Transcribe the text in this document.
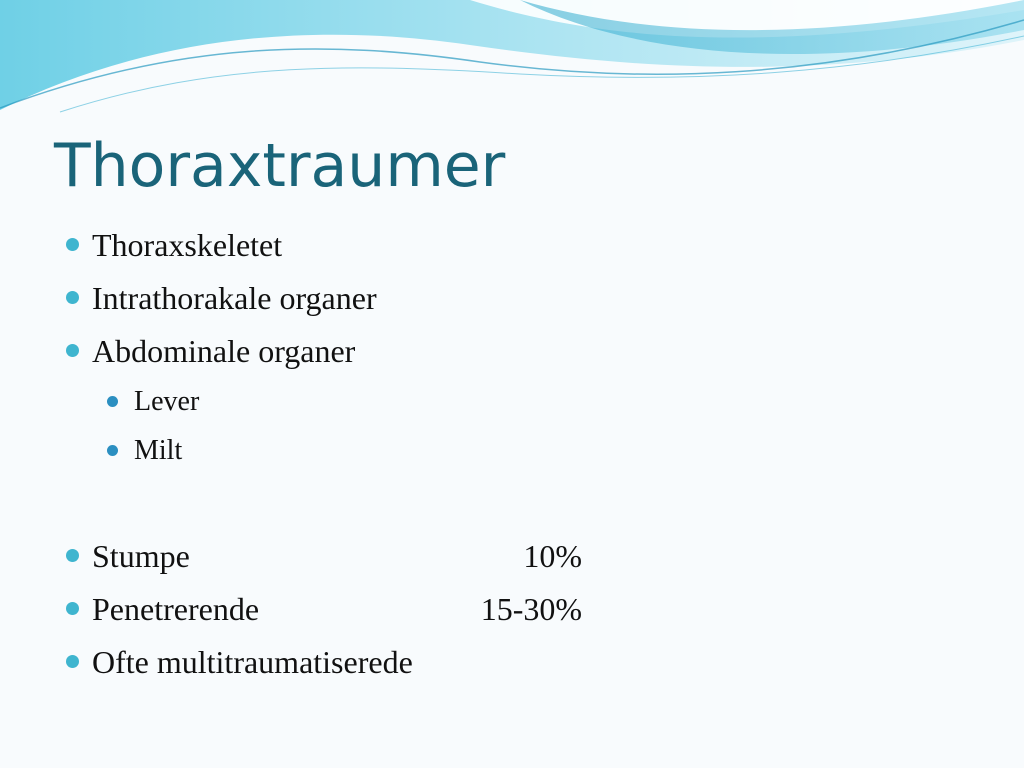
Thoraxtraumer
Thoraxskeletet
Intrathorakale organer
Abdominale organer
Lever
Milt
Stumpe	10%
Penetrerende	15-30%
Ofte multitraumatiserede
